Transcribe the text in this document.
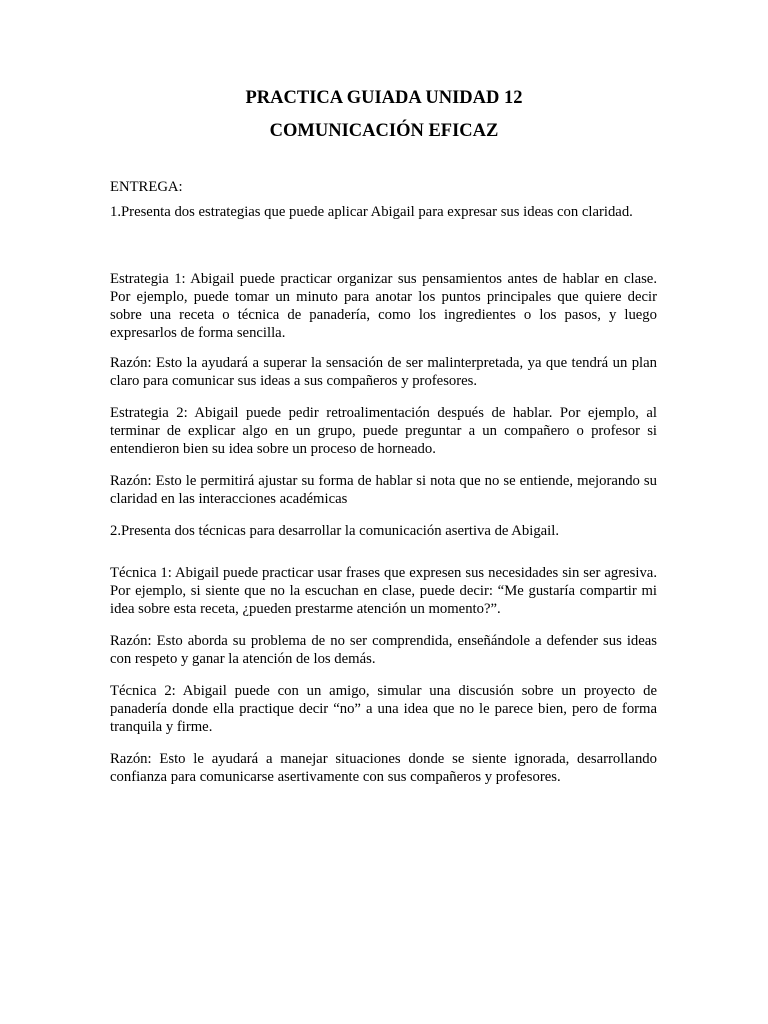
PRACTICA GUIADA UNIDAD 12
COMUNICACIÓN EFICAZ

ENTREGA:

1.Presenta dos estrategias que puede aplicar Abigail para expresar sus ideas con claridad.

Estrategia 1: Abigail puede practicar organizar sus pensamientos antes de hablar en clase. Por ejemplo, puede tomar un minuto para anotar los puntos principales que quiere decir sobre una receta o técnica de panadería, como los ingredientes o los pasos, y luego expresarlos de forma sencilla.

Razón: Esto la ayudará a superar la sensación de ser malinterpretada, ya que tendrá un plan claro para comunicar sus ideas a sus compañeros y profesores.

Estrategia 2: Abigail puede pedir retroalimentación después de hablar. Por ejemplo, al terminar de explicar algo en un grupo, puede preguntar a un compañero o profesor si entendieron bien su idea sobre un proceso de horneado.

Razón: Esto le permitirá ajustar su forma de hablar si nota que no se entiende, mejorando su claridad en las interacciones académicas

2.Presenta dos técnicas para desarrollar la comunicación asertiva de Abigail.

Técnica 1: Abigail puede practicar usar frases que expresen sus necesidades sin ser agresiva. Por ejemplo, si siente que no la escuchan en clase, puede decir: “Me gustaría compartir mi idea sobre esta receta, ¿pueden prestarme atención un momento?”.

Razón: Esto aborda su problema de no ser comprendida, enseñándole a defender sus ideas con respeto y ganar la atención de los demás.

Técnica 2: Abigail puede con un amigo, simular una discusión sobre un proyecto de panadería donde ella practique decir “no” a una idea que no le parece bien, pero de forma tranquila y firme.

Razón: Esto le ayudará a manejar situaciones donde se siente ignorada, desarrollando confianza para comunicarse asertivamente con sus compañeros y profesores.
